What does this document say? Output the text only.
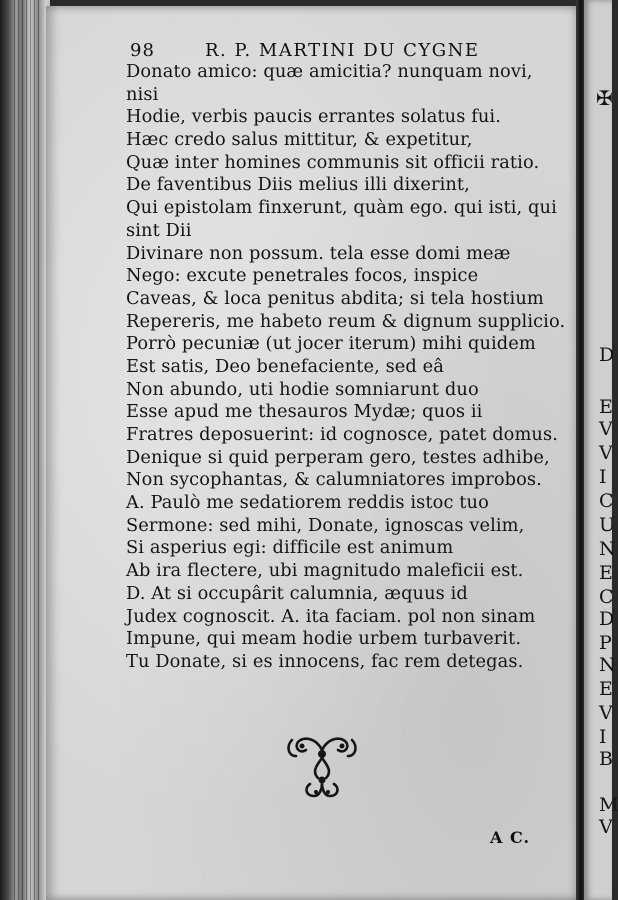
✠
D
E
V
V
I
C
U
N
E
C
D
P
N
E
V
I
B
M
V
98	R. P. MARTINI DU CYGNE
Donato amico: quæ amicitia? nunquam novi,
nisi
Hodie, verbis paucis errantes solatus fui.
Hæc credo salus mittitur, & expetitur,
Quæ inter homines communis sit officii ratio.
De faventibus Diis melius illi dixerint,
Qui epistolam finxerunt, quàm ego. qui isti, qui
sint Dii
Divinare non possum. tela esse domi meæ
Nego: excute penetrales focos, inspice
Caveas, & loca penitus abdita; si tela hostium
Repereris, me habeto reum & dignum supplicio.
Porrò pecuniæ (ut jocer iterum) mihi quidem
Est satis, Deo benefaciente, sed eâ
Non abundo, uti hodie somniarunt duo
Esse apud me thesauros Mydæ; quos ii
Fratres deposuerint: id cognosce, patet domus.
Denique si quid perperam gero, testes adhibe,
Non sycophantas, & calumniatores improbos.
A. Paulò me sedatiorem reddis istoc tuo
Sermone: sed mihi, Donate, ignoscas velim,
Si asperius egi: difficile est animum
Ab ira flectere, ubi magnitudo maleficii est.
D. At si occupârit calumnia, æquus id
Judex cognoscit. A. ita faciam. pol non sinam
Impune, qui meam hodie urbem turbaverit.
Tu Donate, si es innocens, fac rem detegas.
A C.
